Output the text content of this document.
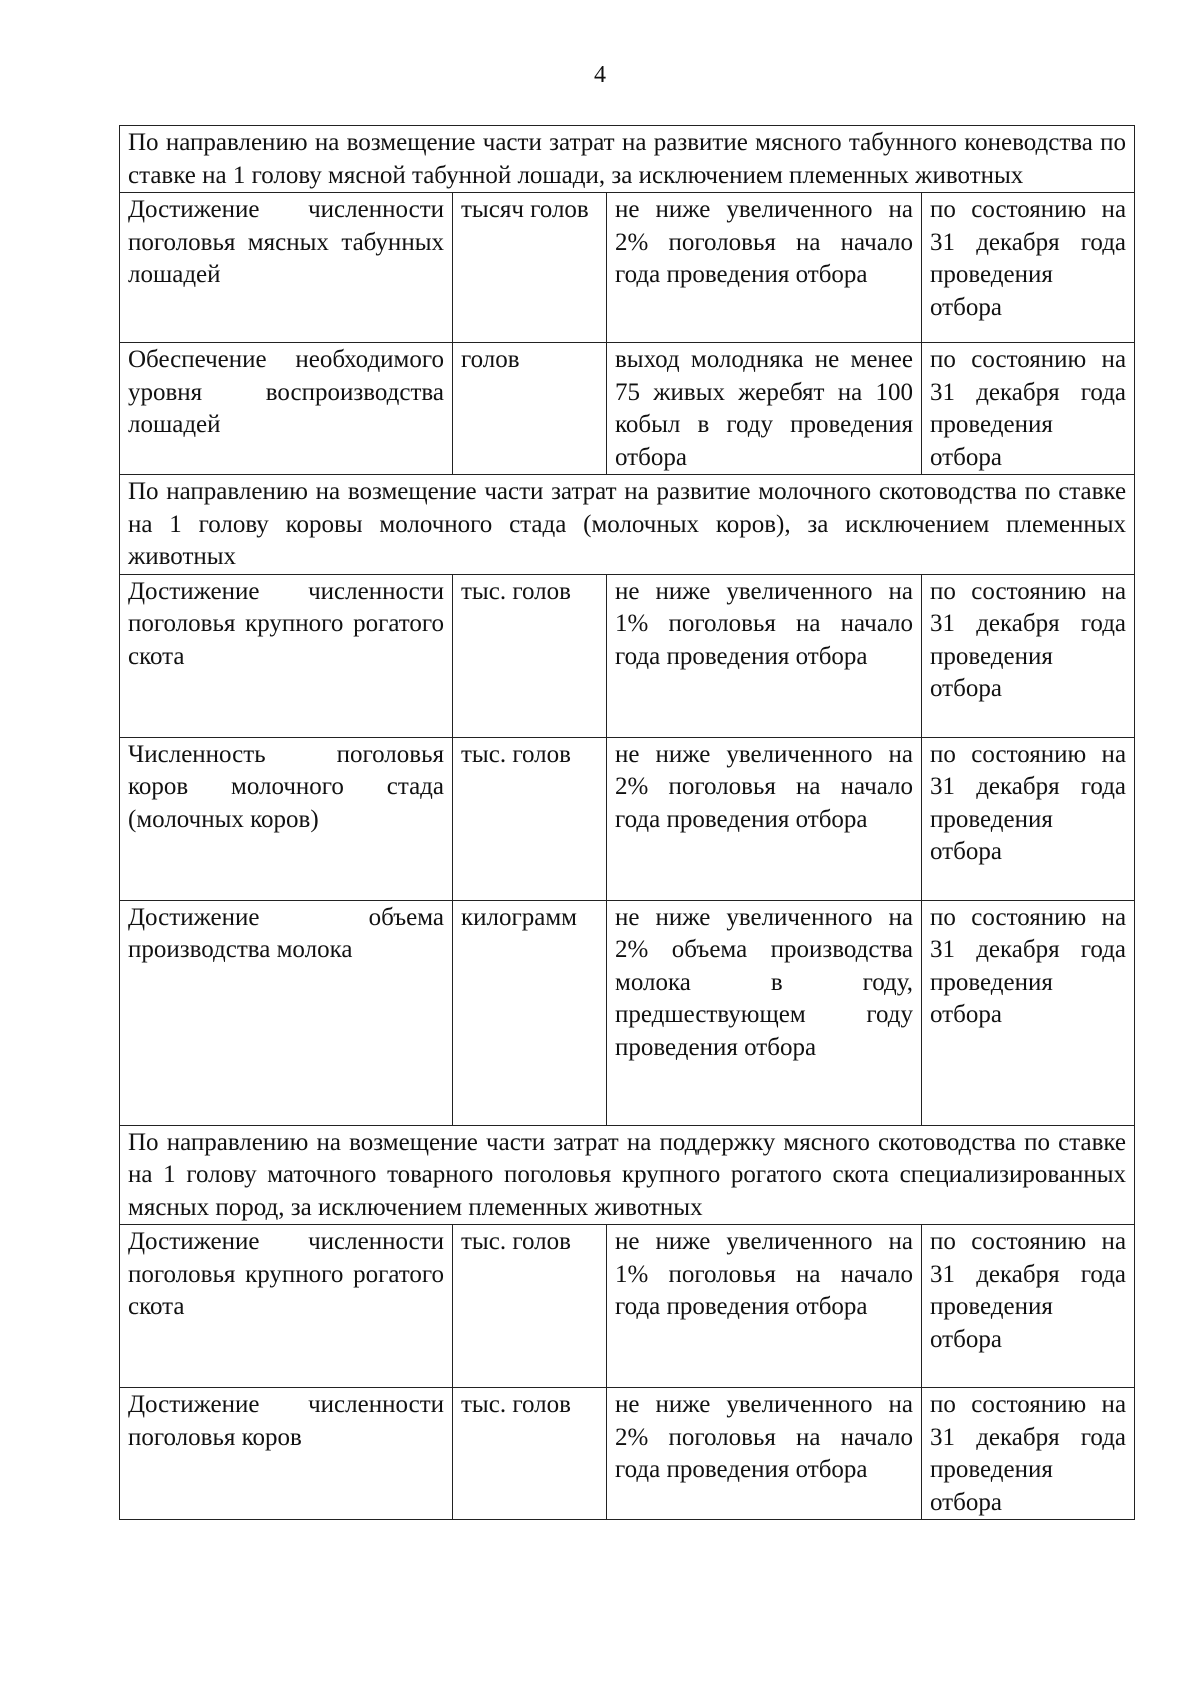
4
По направлению на возмещение части затрат на развитие мясного табунного коневодства по ставке на 1 голову мясной табунной лошади, за исключением племенных животных			
Достижение численности поголовья мясных табунных лошадей	тысяч голов	не ниже увеличенного на 2% поголовья на начало года проведения отбора	по состоянию на 31 декабря года проведения отбора
Обеспечение необходимого уровня воспроизводства лошадей	голов	выход молодняка не менее 75 живых жеребят на 100 кобыл в году проведения отбора	по состоянию на 31 декабря года проведения отбора
По направлению на возмещение части затрат на развитие молочного скотоводства по ставке на 1 голову коровы молочного стада (молочных коров), за исключением племенных животных			
Достижение численности поголовья крупного рогатого скота	тыс. голов	не ниже увеличенного на 1% поголовья на начало года проведения отбора	по состоянию на 31 декабря года проведения отбора
Численность поголовья коров молочного стада (молочных коров)	тыс. голов	не ниже увеличенного на 2% поголовья на начало года проведения отбора	по состоянию на 31 декабря года проведения отбора
Достижение объема производства молока	килограмм	не ниже увеличенного на 2% объема производства молока в году, предшествующем году проведения отбора	по состоянию на 31 декабря года проведения отбора
По направлению на возмещение части затрат на поддержку мясного скотоводства по ставке на 1 голову маточного товарного поголовья крупного рогатого скота специализированных мясных пород, за исключением племенных животных			
Достижение численности поголовья крупного рогатого скота	тыс. голов	не ниже увеличенного на 1% поголовья на начало года проведения отбора	по состоянию на 31 декабря года проведения отбора
Достижение численности поголовья коров	тыс. голов	не ниже увеличенного на 2% поголовья на начало года проведения отбора	по состоянию на 31 декабря года проведения отбора
